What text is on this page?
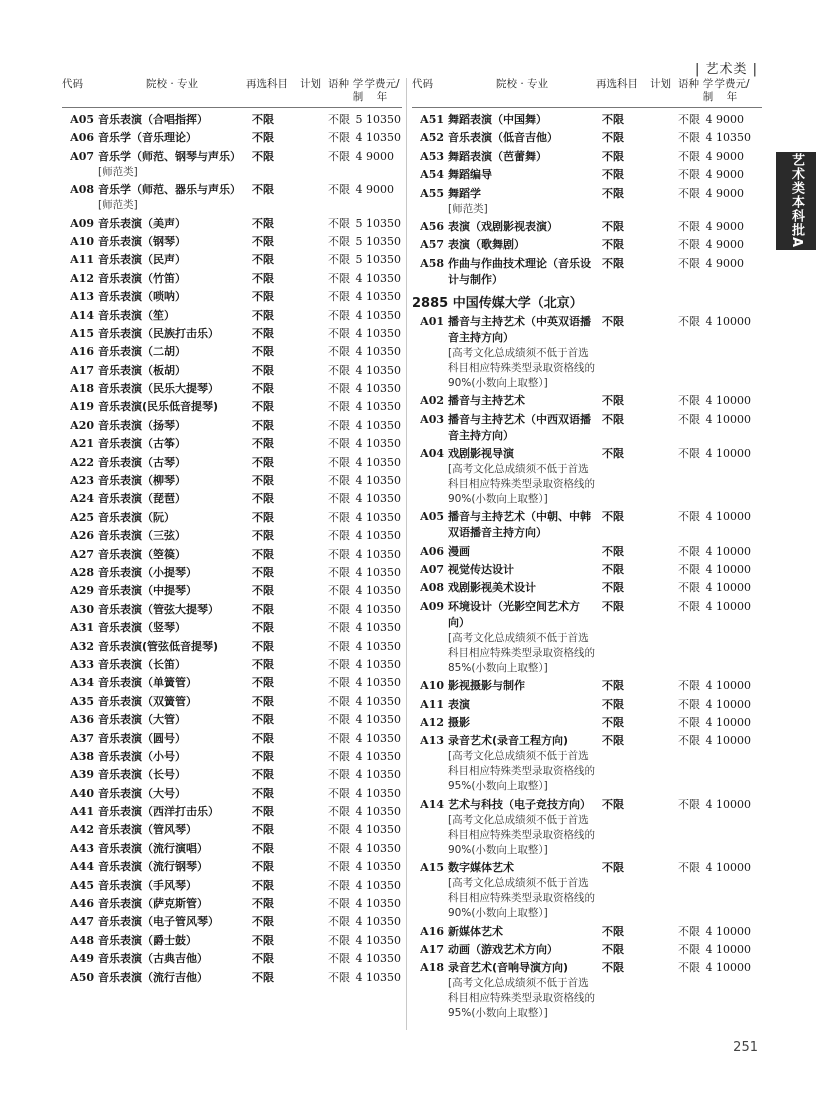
| 艺术类 |
艺术类本科批A段
代码	院校 · 专业	再选科目	计划 语种 学制
学费元/年
A05 音乐表演（合唱指挥）	不限	不限 5 10350
A06 音乐学（音乐理论）	不限	不限 4 10350
A07 音乐学（师范、钢琴与声乐）
[师范类]
不限	不限 4 9000
A08 音乐学（师范、器乐与声乐）
[师范类]
不限	不限 4 9000
A09 音乐表演（美声）	不限	不限 5 10350
A10 音乐表演（钢琴）	不限	不限 5 10350
A11 音乐表演（民声）	不限	不限 5 10350
A12 音乐表演（竹笛）	不限	不限 4 10350
A13 音乐表演（唢呐）	不限	不限 4 10350
A14 音乐表演（笙）	不限	不限 4 10350
A15 音乐表演（民族打击乐）	不限	不限 4 10350
A16 音乐表演（二胡）	不限	不限 4 10350
A17 音乐表演（板胡）	不限	不限 4 10350
A18 音乐表演（民乐大提琴）	不限	不限 4 10350
A19 音乐表演(民乐低音提琴)	不限	不限 4 10350
A20 音乐表演（扬琴）	不限	不限 4 10350
A21 音乐表演（古筝）	不限	不限 4 10350
A22 音乐表演（古琴）	不限	不限 4 10350
A23 音乐表演（柳琴）	不限	不限 4 10350
A24 音乐表演（琵琶）	不限	不限 4 10350
A25 音乐表演（阮）	不限	不限 4 10350
A26 音乐表演（三弦）	不限	不限 4 10350
A27 音乐表演（箜篌）	不限	不限 4 10350
A28 音乐表演（小提琴）	不限	不限 4 10350
A29 音乐表演（中提琴）	不限	不限 4 10350
A30 音乐表演（管弦大提琴）	不限	不限 4 10350
A31 音乐表演（竖琴）	不限	不限 4 10350
A32 音乐表演(管弦低音提琴)	不限	不限 4 10350
A33 音乐表演（长笛）	不限	不限 4 10350
A34 音乐表演（单簧管）	不限	不限 4 10350
A35 音乐表演（双簧管）	不限	不限 4 10350
A36 音乐表演（大管）	不限	不限 4 10350
A37 音乐表演（圆号）	不限	不限 4 10350
A38 音乐表演（小号）	不限	不限 4 10350
A39 音乐表演（长号）	不限	不限 4 10350
A40 音乐表演（大号）	不限	不限 4 10350
A41 音乐表演（西洋打击乐）	不限	不限 4 10350
A42 音乐表演（管风琴）	不限	不限 4 10350
A43 音乐表演（流行演唱）	不限	不限 4 10350
A44 音乐表演（流行钢琴）	不限	不限 4 10350
A45 音乐表演（手风琴）	不限	不限 4 10350
A46 音乐表演（萨克斯管）	不限	不限 4 10350
A47 音乐表演（电子管风琴）	不限	不限 4 10350
A48 音乐表演（爵士鼓）	不限	不限 4 10350
A49 音乐表演（古典吉他）	不限	不限 4 10350
A50 音乐表演（流行吉他）	不限	不限 4 10350
代码	院校 · 专业	再选科目	计划 语种 学制
学费元/年
A51 舞蹈表演（中国舞）	不限	不限 4 9000
A52 音乐表演（低音吉他）	不限	不限 4 10350
A53 舞蹈表演（芭蕾舞）	不限	不限 4 9000
A54 舞蹈编导	不限	不限 4 9000
A55 舞蹈学
[师范类]
不限	不限 4 9000
A56 表演（戏剧影视表演）	不限	不限 4 9000
A57 表演（歌舞剧）	不限	不限 4 9000
A58 作曲与作曲技术理论（音乐设计与制作）
不限	不限 4 9000
2885 中国传媒大学（北京）
A01 播音与主持艺术（中英双语播音主持方向）
[高考文化总成绩须不低于首选科目相应特殊类型录取资格线的90%(小数向上取整）]
不限	不限 4 10000
A02 播音与主持艺术	不限	不限 4 10000
A03 播音与主持艺术（中西双语播音主持方向）
不限	不限 4 10000
A04 戏剧影视导演
[高考文化总成绩须不低于首选科目相应特殊类型录取资格线的90%(小数向上取整）]
不限	不限 4 10000
A05 播音与主持艺术（中朝、中韩双语播音主持方向）
不限	不限 4 10000
A06 漫画	不限	不限 4 10000
A07 视觉传达设计	不限	不限 4 10000
A08 戏剧影视美术设计	不限	不限 4 10000
A09 环境设计（光影空间艺术方向）
[高考文化总成绩须不低于首选科目相应特殊类型录取资格线的85%(小数向上取整）]
不限	不限 4 10000
A10 影视摄影与制作	不限	不限 4 10000
A11 表演	不限	不限 4 10000
A12 摄影	不限	不限 4 10000
A13 录音艺术(录音工程方向)
[高考文化总成绩须不低于首选科目相应特殊类型录取资格线的95%(小数向上取整）]
不限	不限 4 10000
A14 艺术与科技（电子竞技方向）
[高考文化总成绩须不低于首选科目相应特殊类型录取资格线的90%(小数向上取整）]
不限	不限 4 10000
A15 数字媒体艺术
[高考文化总成绩须不低于首选科目相应特殊类型录取资格线的90%(小数向上取整）]
不限	不限 4 10000
A16 新媒体艺术	不限	不限 4 10000
A17 动画（游戏艺术方向）	不限	不限 4 10000
A18 录音艺术(音响导演方向)
[高考文化总成绩须不低于首选科目相应特殊类型录取资格线的95%(小数向上取整）]
不限	不限 4 10000
251
